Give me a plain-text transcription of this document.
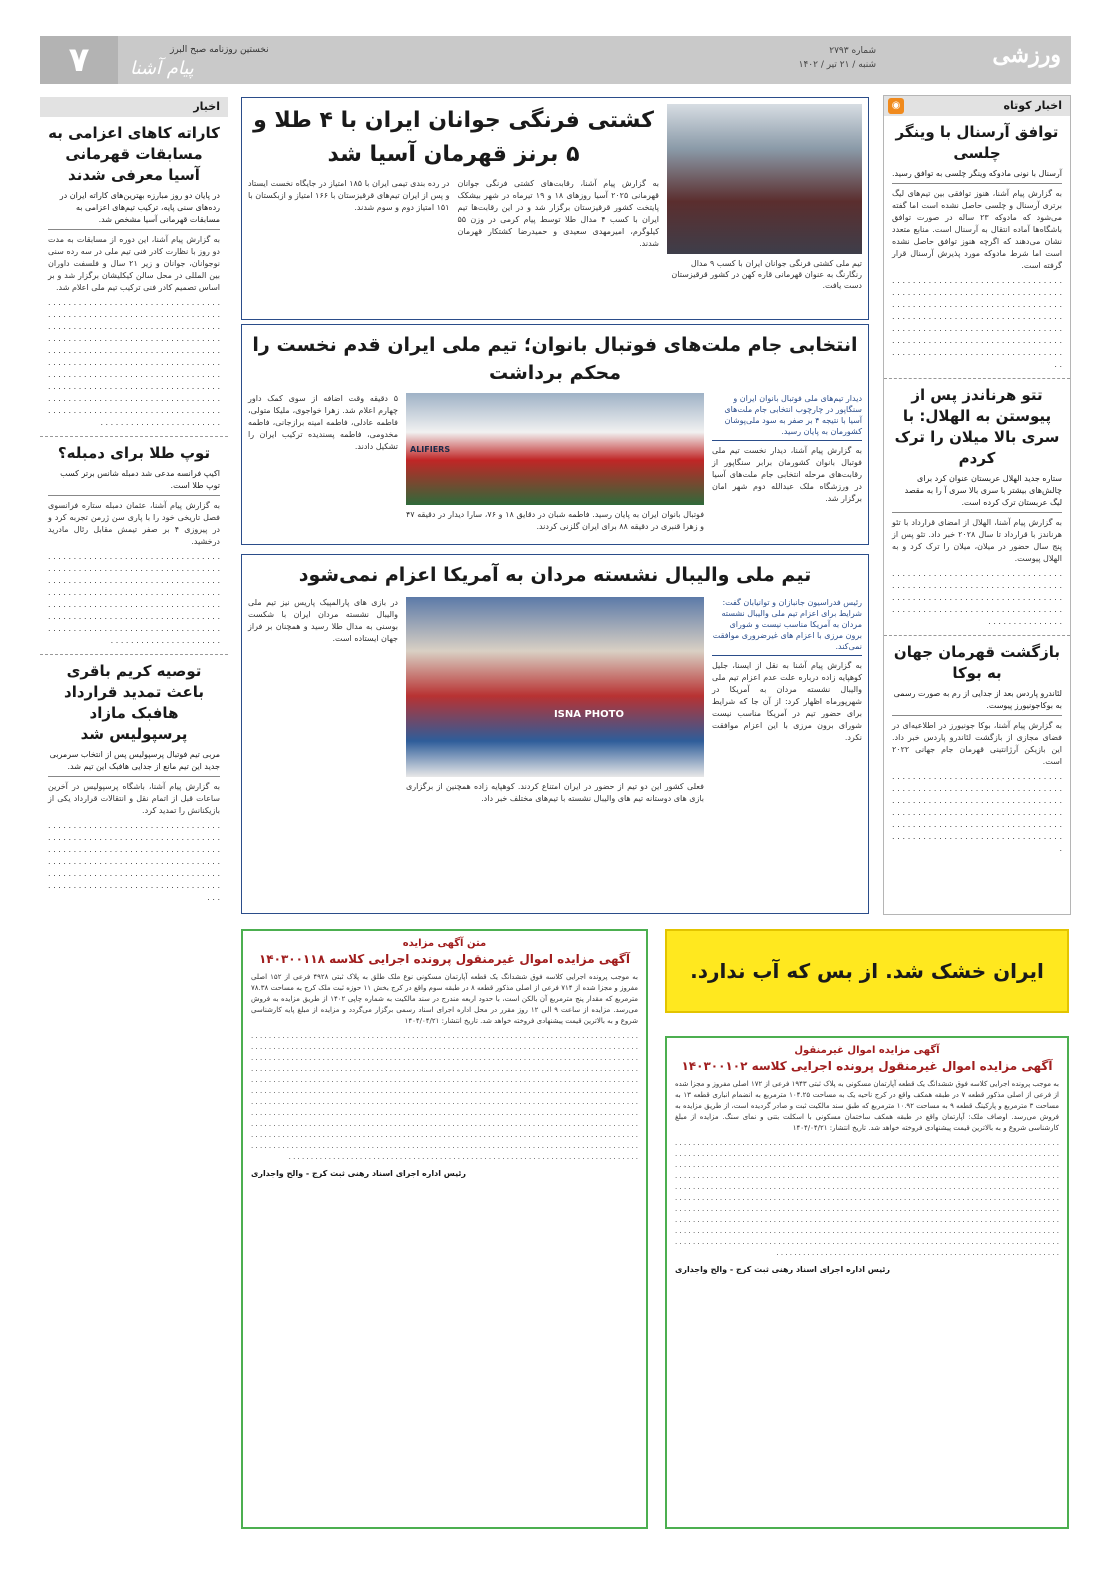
ورزشی
شماره ۲۷۹۳
شنبه / ۲۱ تیر / ۱۴۰۲
نخستین روزنامه صبح البرز
پیام آشنا
۷
اخبار کوتاه
◉
توافق آرسنال با وینگر چلسی
آرسنال با نونی مادوکه وینگر چلسی به توافق رسید.

به گزارش پیام آشنا، هنوز توافقی بین تیم‌های لیگ برتری آرسنال و چلسی حاصل نشده است اما گفته می‌شود که مادوکه ۲۳ ساله در صورت توافق باشگاه‌ها آماده انتقال به آرسنال است. منابع متعدد نشان می‌دهند که اگرچه هنوز توافق حاصل نشده است اما شرط مادوکه مورد پذیرش آرسنال قرار گرفته است.

. . . . . . . . . . . . . . . . . . . . . . . . . . . . . . . . . . . . . . . . . . . . . . . . . . . . . . . . . . . . . . . . . . . . . . . . . . . . . . . . . . . . . . . . . . . . . . . . . . . . . . . . . . . . . . . . . . . . . . . . . . . . . . . . . . . . . . . . . . . . . . . . . . . . . . . . . . . . . . . . . . . . . . . . . . . . . . . . . . . . . . . . . . . . . . . . . . . . . . . . . . . . . . . . . . . . . . . . . . . . . . . . . . . . . . . . .

تتو هرناندز پس از پیوستن به الهلال: با سری بالا میلان را ترک کردم
ستاره جدید الهلال عربستان عنوان کرد برای چالش‌های بیشتر با سری بالا سری آ را به مقصد لیگ عربستان ترک کرده است.

به گزارش پیام آشنا، الهلال از امضای قرارداد با تئو هرناندز با قرارداد تا سال ۲۰۲۸ خبر داد. تئو پس از پنج سال حضور در میلان، میلان را ترک کرد و به الهلال پیوست.

. . . . . . . . . . . . . . . . . . . . . . . . . . . . . . . . . . . . . . . . . . . . . . . . . . . . . . . . . . . . . . . . . . . . . . . . . . . . . . . . . . . . . . . . . . . . . . . . . . . . . . . . . . . . . . . . . . . . . . . . . . . . . . . . . . . . . . . . . . . . . . . . . . .

بازگشت قهرمان جهان به بوکا
لئاندرو پاردس بعد از جدایی از رم به صورت رسمی به بوکاجونیورز پیوست.

به گزارش پیام آشنا، بوکا جونیورز در اطلاعیه‌ای در فضای مجازی از بازگشت لئاندرو پاردس خبر داد. این بازیکن آرژانتینی قهرمان جام جهانی ۲۰۲۲ است.

. . . . . . . . . . . . . . . . . . . . . . . . . . . . . . . . . . . . . . . . . . . . . . . . . . . . . . . . . . . . . . . . . . . . . . . . . . . . . . . . . . . . . . . . . . . . . . . . . . . . . . . . . . . . . . . . . . . . . . . . . . . . . . . . . . . . . . . . . . . . . . . . . . . . . . . . . . . . . . . . . . . . . . . . . . . . . . . . . . . . . . . . . . . . . . . . . . . . . . .

اخبار
کاراته کاهای اعزامی به مسابقات قهرمانی آسیا معرفی شدند
در پایان دو روز مبارزه بهترین‌های کاراته ایران در رده‌های سنی پایه، ترکیب تیم‌های اعزامی به مسابقات قهرمانی آسیا مشخص شد.

به گزارش پیام آشنا، این دوره از مسابقات به مدت دو روز با نظارت کادر فنی تیم ملی در سه رده سنی نوجوانان، جوانان و زیر ۲۱ سال و فلسفت داوران بین المللی در محل سالن کیکلیشان برگزار شد و بر اساس تصمیم کادر فنی ترکیب تیم ملی اعلام شد.

. . . . . . . . . . . . . . . . . . . . . . . . . . . . . . . . . . . . . . . . . . . . . . . . . . . . . . . . . . . . . . . . . . . . . . . . . . . . . . . . . . . . . . . . . . . . . . . . . . . . . . . . . . . . . . . . . . . . . . . . . . . . . . . . . . . . . . . . . . . . . . . . . . . . . . . . . . . . . . . . . . . . . . . . . . . . . . . . . . . . . . . . . . . . . . . . . . . . . . . . . . . . . . . . . . . . . . . . . . . . . . . . . . . . . . . . . . . . . . . . . . . . . . . . . . . . . . . . . . . . . . . . . . . . . . . . . . . . . . . . . . . . . . . . . . . . . . . . . . . . . . . . . . . . . . . . . . . . . . . . . . . . . . . . . . . . . . . . . . . . . . . . . . . . . . . . . . . . . . . . . . . .

توپ طلا برای دمبله؟
اکیپ فرانسه مدعی شد دمبله شانس برتر کسب توپ طلا است.

به گزارش پیام آشنا، عثمان دمبله ستاره فرانسوی فصل تاریخی خود را با پاری سن ژرمن تجربه کرد و در پیروزی ۴ بر صفر تیمش مقابل رئال مادرید درخشید.

. . . . . . . . . . . . . . . . . . . . . . . . . . . . . . . . . . . . . . . . . . . . . . . . . . . . . . . . . . . . . . . . . . . . . . . . . . . . . . . . . . . . . . . . . . . . . . . . . . . . . . . . . . . . . . . . . . . . . . . . . . . . . . . . . . . . . . . . . . . . . . . . . . . . . . . . . . . . . . . . . . . . . . . . . . . . . . . . . . . . . . . . . . . . . . . . . . . . . . . . . . . . . . . . . . . . . . . . . . . . . . . . . . . . . . . . . . . . . . . . . . . . . . . . . . . . . . . . . . . .

توصیه کریم باقری باعث تمدید قرارداد هافبک مازاد پرسپولیس شد
مربی تیم فوتبال پرسپولیس پس از انتخاب سرمربی جدید این تیم مانع از جدایی هافبک این تیم شد.

به گزارش پیام آشنا، باشگاه پرسپولیس در آخرین ساعات قبل از اتمام نقل و انتقالات قرارداد یکی از بازیکنانش را تمدید کرد.

. . . . . . . . . . . . . . . . . . . . . . . . . . . . . . . . . . . . . . . . . . . . . . . . . . . . . . . . . . . . . . . . . . . . . . . . . . . . . . . . . . . . . . . . . . . . . . . . . . . . . . . . . . . . . . . . . . . . . . . . . . . . . . . . . . . . . . . . . . . . . . . . . . . . . . . . . . . . . . . . . . . . . . . . . . . . . . . . . . . . . . . . . . . . . . . . . . . . . . . . . . . . . . .

تیم ملی کشتی فرنگی جوانان ایران با کسب ۹ مدال رنگارنگ به عنوان قهرمانی قاره کهن در کشور قرقیزستان دست یافت.
کشتی فرنگی جوانان ایران با ۴ طلا و ۵ برنز قهرمان آسیا شد

به گزارش پیام آشنا، رقابت‌های کشتی فرنگی جوانان قهرمانی ۲۰۲۵ آسیا روزهای ۱۸ و ۱۹ تیرماه در شهر بیشکک پایتخت کشور قرقیزستان برگزار شد و در این رقابت‌ها تیم ایران با کسب ۴ مدال طلا توسط پیام کرمی در وزن ۵۵ کیلوگرم، امیرمهدی سعیدی و حمیدرضا کشتکار قهرمان شدند.

در رده بندی تیمی ایران با ۱۸۵ امتیاز در جایگاه نخست ایستاد و پس از ایران تیم‌های قرقیزستان با ۱۶۶ امتیاز و ازبکستان با ۱۵۱ امتیاز دوم و سوم شدند.

انتخابی جام ملت‌های فوتبال بانوان؛ تیم ملی ایران قدم نخست را محکم برداشت
دیدار تیم‌های ملی فوتبال بانوان ایران و سنگاپور در چارچوب انتخابی جام ملت‌های آسیا با نتیجه ۴ بر صفر به سود ملی‌پوشان کشورمان به پایان رسید.

به گزارش پیام آشنا، دیدار نخست تیم ملی فوتبال بانوان کشورمان برابر سنگاپور از رقابت‌های مرحله انتخابی جام ملت‌های آسیا در ورزشگاه ملک عبدالله دوم شهر امان برگزار شد.

ALIFIERS

فوتبال بانوان ایران به پایان رسید. فاطمه شبان در دقایق ۱۸ و ۷۶، سارا دیدار در دقیقه ۴۷ و زهرا قنبری در دقیقه ۸۸ برای ایران گلزنی کردند.

۵ دقیقه وقت اضافه از سوی کمک داور چهارم اعلام شد. زهرا خواجوی، ملیکا متولی، فاطمه عادلی، فاطمه امینه برازجانی، فاطمه مخدومی، فاطمه پسندیده ترکیب ایران را تشکیل دادند.

تیم ملی والیبال نشسته مردان به آمریکا اعزام نمی‌شود
رئیس فدراسیون جانبازان و توانیابان گفت: شرایط برای اعزام تیم ملی والیبال نشسته مردان به آمریکا مناسب نیست و شورای برون مرزی با اعزام های غیرضروری موافقت نمی‌کند.

به گزارش پیام آشنا به نقل از ایسنا، جلیل کوهپایه زاده درباره علت عدم اعزام تیم ملی والیبال نشسته مردان به آمریکا در شهرپورماه اظهار کرد: از آن جا که شرایط برای حضور تیم در آمریکا مناسب نیست شورای برون مرزی با این اعزام موافقت نکرد.

ISNA PHOTO

فعلی کشور این دو تیم از حضور در ایران امتناع کردند. کوهپایه زاده همچنین از برگزاری بازی های دوستانه تیم های والیبال نشسته با تیم‌های مختلف خبر داد.

در بازی های پارالمپیک پاریس نیز تیم ملی والیبال نشسته مردان ایران با شکست بوسنی به مدال طلا رسید و همچنان بر فراز جهان ایستاده است.

متن آگهی مزایده
آگهی مزایده اموال غیرمنقول پرونده اجرایی کلاسه ۱۴۰۳۰۰۱۱۸
به موجب پرونده اجرایی کلاسه فوق ششدانگ یک قطعه آپارتمان مسکونی نوع ملک طلق به پلاک ثبتی ۴۹۲۸ فرعی از ۱۵۲ اصلی مفروز و مجزا شده از ۷۱۴ فرعی از اصلی مذکور قطعه ۸ در طبقه سوم واقع در کرج بخش ۱۱ حوزه ثبت ملک کرج به مساحت ۷۸.۳۸ مترمربع که مقدار پنج مترمربع آن بالکن است، با حدود اربعه مندرج در سند مالکیت به شماره چاپی ۱۴۰۲ از طریق مزایده به فروش می‌رسد. مزایده از ساعت ۹ الی ۱۲ روز مقرر در محل اداره اجرای اسناد رسمی برگزار می‌گردد و مزایده از مبلغ پایه کارشناسی شروع و به بالاترین قیمت پیشنهادی فروخته خواهد شد. تاریخ انتشار: ۱۴۰۴/۰۴/۲۱
. . . . . . . . . . . . . . . . . . . . . . . . . . . . . . . . . . . . . . . . . . . . . . . . . . . . . . . . . . . . . . . . . . . . . . . . . . . . . . . . . . . . . . . . . . . . . . . . . . . . . . . . . . . . . . . . . . . . . . . . . . . . . . . . . . . . . . . . . . . . . . . . . . . . . . . . . . . . . . . . . . . . . . . . . . . . . . . . . . . . . . . . . . . . . . . . . . . . . . . . . . . . . . . . . . . . . . . . . . . . . . . . . . . . . . . . . . . . . . . . . . . . . . . . . . . . . . . . . . . . . . . . . . . . . . . . . . . . . . . . . . . . . . . . . . . . . . . . . . . . . . . . . . . . . . . . . . . . . . . . . . . . . . . . . . . . . . . . . . . . . . . . . . . . . . . . . . . . . . . . . . . . . . . . . . . . . . . . . . . . . . . . . . . . . . . . . . . . . . . . . . . . . . . . . . . . . . . . . . . . . . . . . . . . . . . . . . . . . . . . . . . . . . . . . . . . . . . . . . . . . . . . . . . . . . . . . . . . . . . . . . . . . . . . . . . . . . . . . . . . . . . . . . . . . . . . . . . . . . . . . . . . . . . . . . . . . . . . . . . . . . . . . . . . . . . . . . . . . . . . . . . . . . . . . . . . . . . . . . . . . . . . . . . . . . . . . . . . . . . . . . . . . . . . . . . . . . . . . . . . . . . . . . . . . . . . . . . . . . . . . . . . . . . . . . . . . . . . . . . . . . . . . . . . . . . . . . . . . . . . . . . . . . . . . . . . . . . . . . . . . . . . . . . . . . . . . . . . . . . . . . . . . . . . . . . . . . . . . . . . . . . . . . . . . . . . . . . . . . . . . . . . . . . . . . . . . . . . . . . . . . . . . . . . . . . . . . . . . . . . . . . . . . . . . . . . . . . . . . . . . . . . . . . . . . . . . . . . . . . . . . . . . . . . . . . . . . . . . . . . . . . . . . . . . . . . . . . . . . . . . . . . . . . . . . . . . . . . . . . . . . . . . . . . . . . . . . . . . . . . . . . . . . . . . . . . . . . . . . . . . . . . . . . . . . . . . . . . . . . . . . . . . . . . . . . . . . . . . . . . . . . . . . . . . . . . . . . . . . . . . . . . . . . . . . . . . . . . . . . . . . . . . . . . . . . . . . . .
رئیس اداره اجرای اسناد رهنی ثبت کرج - والح واجداری
ایران خشک شد. از بس که آب ندارد.
آگهی مزایده اموال غیرمنقول
آگهی مزایده اموال غیرمنقول پرونده اجرایی کلاسه ۱۴۰۳۰۰۱۰۲
به موجب پرونده اجرایی کلاسه فوق ششدانگ یک قطعه آپارتمان مسکونی به پلاک ثبتی ۱۹۴۳ فرعی از ۱۷۲ اصلی مفروز و مجزا شده از فرعی از اصلی مذکور قطعه ۷ در طبقه همکف واقع در کرج ناحیه یک به مساحت ۱۰۴.۲۵ مترمربع به انضمام انباری قطعه ۱۳ به مساحت ۳ مترمربع و پارکینگ قطعه ۹ به مساحت ۱۰.۹۲ مترمربع که طبق سند مالکیت ثبت و صادر گردیده است، از طریق مزایده به فروش می‌رسد. اوصاف ملک: آپارتمان واقع در طبقه همکف ساختمان مسکونی با اسکلت بتنی و نمای سنگ. مزایده از مبلغ کارشناسی شروع و به بالاترین قیمت پیشنهادی فروخته خواهد شد. تاریخ انتشار: ۱۴۰۴/۰۴/۲۱
. . . . . . . . . . . . . . . . . . . . . . . . . . . . . . . . . . . . . . . . . . . . . . . . . . . . . . . . . . . . . . . . . . . . . . . . . . . . . . . . . . . . . . . . . . . . . . . . . . . . . . . . . . . . . . . . . . . . . . . . . . . . . . . . . . . . . . . . . . . . . . . . . . . . . . . . . . . . . . . . . . . . . . . . . . . . . . . . . . . . . . . . . . . . . . . . . . . . . . . . . . . . . . . . . . . . . . . . . . . . . . . . . . . . . . . . . . . . . . . . . . . . . . . . . . . . . . . . . . . . . . . . . . . . . . . . . . . . . . . . . . . . . . . . . . . . . . . . . . . . . . . . . . . . . . . . . . . . . . . . . . . . . . . . . . . . . . . . . . . . . . . . . . . . . . . . . . . . . . . . . . . . . . . . . . . . . . . . . . . . . . . . . . . . . . . . . . . . . . . . . . . . . . . . . . . . . . . . . . . . . . . . . . . . . . . . . . . . . . . . . . . . . . . . . . . . . . . . . . . . . . . . . . . . . . . . . . . . . . . . . . . . . . . . . . . . . . . . . . . . . . . . . . . . . . . . . . . . . . . . . . . . . . . . . . . . . . . . . . . . . . . . . . . . . . . . . . . . . . . . . . . . . . . . . . . . . . . . . . . . . . . . . . . . . . . . . . . . . . . . . . . . . . . . . . . . . . . . . . . . . . . . . . . . . . . . . . . . . . . . . . . . . . . . . . . . . . . . . . . . . . . . . . . . . . . . . . . . . . . . . . . . . . . . . . . . . . . . . . . . . . . . . . . . . . . . . . . . . . . . . . . . . . . . . . . . . . . . . . . . . . . . . . . . . . . . . . . . . . . . . . . . . . . . . . . . . . . . . . . . . . . . . . . . . . . . . . . . . . . . . . . . . . . . . . . . . . . . . . . . . . . . . . . . . . . . . . . . . . . . . . . . . . . . . . . . . . . . . . . . . . . . . . . . . . . . . . . . . . . . . . . . . . . . . . . . . . . . . . . . . . . . . . . . . . . . . . . . . . . . . . . .
رئیس اداره اجرای اسناد رهنی ثبت کرج - والح واجداری
